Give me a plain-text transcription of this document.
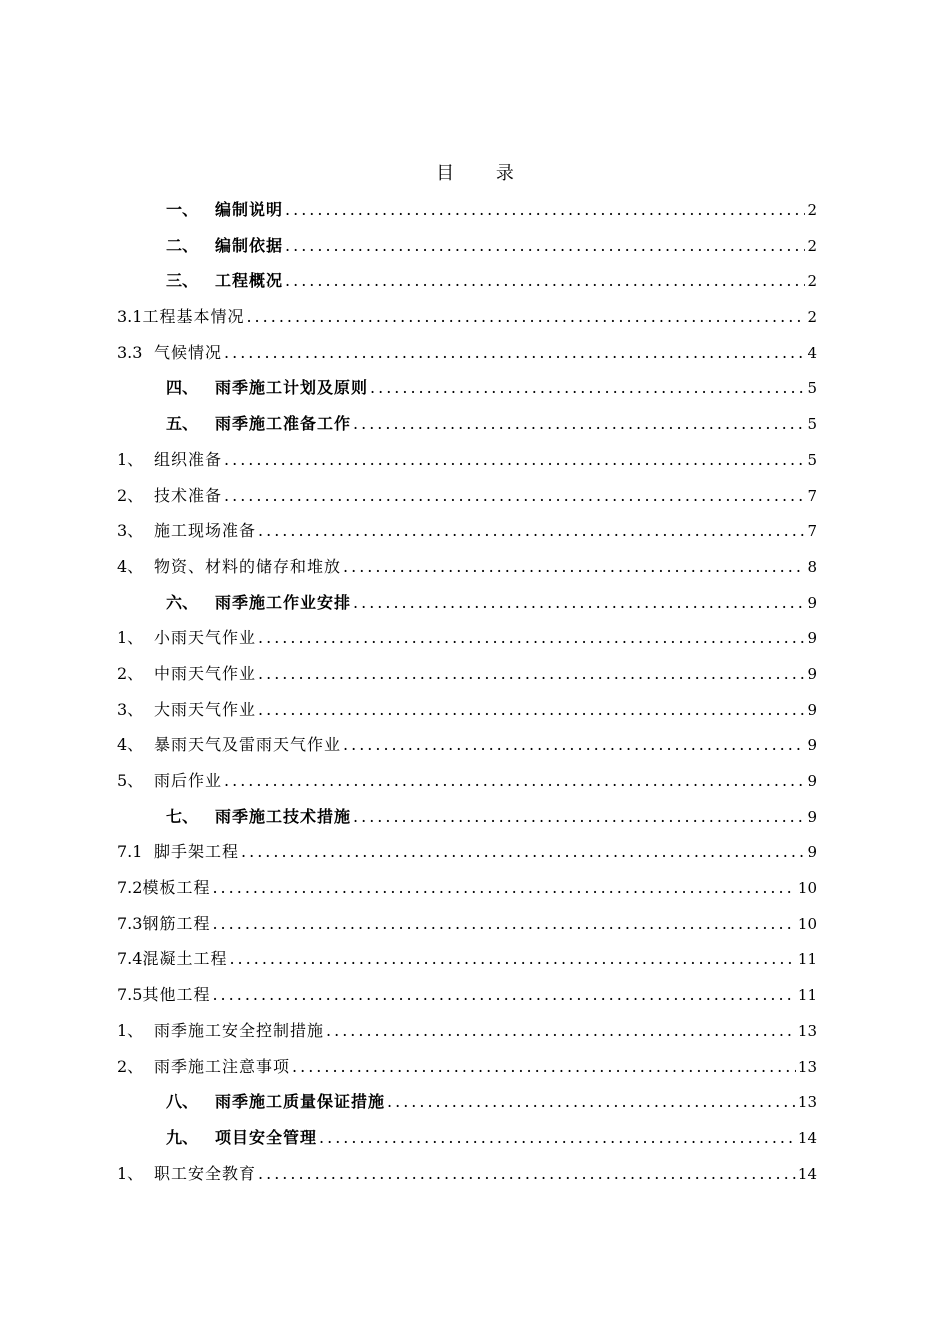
目 录
一、	编制说明 .....	2
二、	编制依据 .....	2
三、	工程概况 .....	2
3.1 工程基本情况 .....	2
3.3 气候情况 .....	4
四、	雨季施工计划及原则 .....	5
五、	雨季施工准备工作 .....	5
1、 组织准备 .....	5
2、 技术准备 .....	7
3、 施工现场准备 .....	7
4、 物资、材料的储存和堆放 .....	8
六、	雨季施工作业安排 .....	9
1、 小雨天气作业 .....	9
2、 中雨天气作业 .....	9
3、 大雨天气作业 .....	9
4、 暴雨天气及雷雨天气作业 .....	9
5、 雨后作业 .....	9
七、	雨季施工技术措施 .....	9
7.1 脚手架工程 .....	9
7.2 模板工程 .....	10
7.3 钢筋工程 .....	10
7.4 混凝土工程 .....	11
7.5 其他工程 .....	11
1、 雨季施工安全控制措施 .....	13
2、 雨季施工注意事项 .....	13
八、	雨季施工质量保证措施 .....	13
九、	项目安全管理 .....	14
1、 职工安全教育 .....	14
